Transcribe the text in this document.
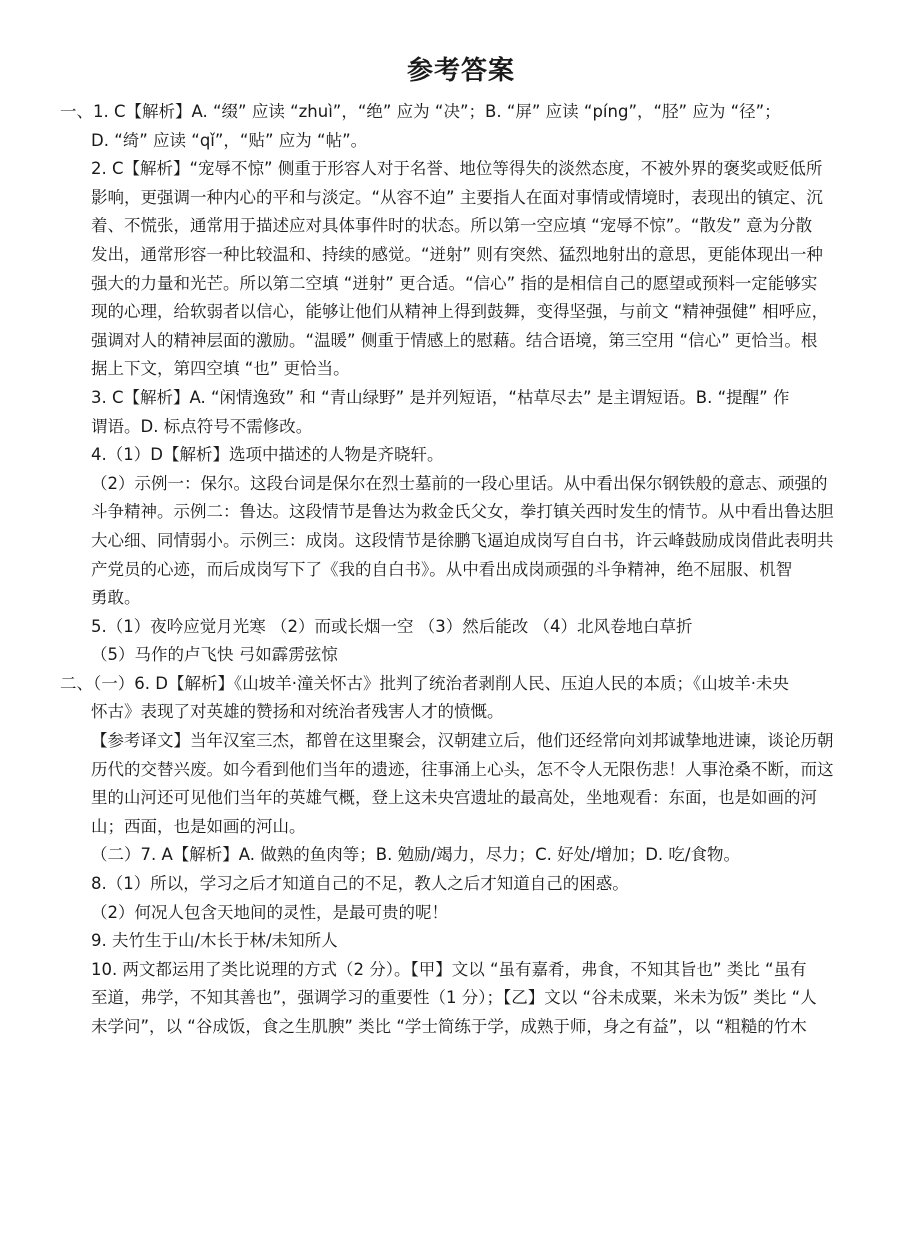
参考答案
一、1. C【解析】A. “缀” 应读 “zhuì”，“绝” 应为 “决”；B. “屏” 应读 “píng”，“胫” 应为 “径”；
D. “绮” 应读 “qǐ”，“贴” 应为 “帖”。
2. C【解析】“宠辱不惊” 侧重于形容人对于名誉、地位等得失的淡然态度，不被外界的褒奖或贬低所
影响，更强调一种内心的平和与淡定。“从容不迫” 主要指人在面对事情或情境时，表现出的镇定、沉
着、不慌张，通常用于描述应对具体事件时的状态。所以第一空应填 “宠辱不惊”。“散发” 意为分散
发出，通常形容一种比较温和、持续的感觉。“迸射” 则有突然、猛烈地射出的意思，更能体现出一种
强大的力量和光芒。所以第二空填 “迸射” 更合适。“信心” 指的是相信自己的愿望或预料一定能够实
现的心理，给软弱者以信心，能够让他们从精神上得到鼓舞，变得坚强，与前文 “精神强健” 相呼应，
强调对人的精神层面的激励。“温暖” 侧重于情感上的慰藉。结合语境，第三空用 “信心” 更恰当。根
据上下文，第四空填 “也” 更恰当。
3. C【解析】A. “闲情逸致” 和 “青山绿野” 是并列短语，“枯草尽去” 是主谓短语。B. “提醒” 作
谓语。D. 标点符号不需修改。
4.（1）D【解析】选项中描述的人物是齐晓轩。
（2）示例一：保尔。这段台词是保尔在烈士墓前的一段心里话。从中看出保尔钢铁般的意志、顽强的
斗争精神。示例二：鲁达。这段情节是鲁达为救金氏父女，拳打镇关西时发生的情节。从中看出鲁达胆
大心细、同情弱小。示例三：成岗。这段情节是徐鹏飞逼迫成岗写自白书，许云峰鼓励成岗借此表明共
产党员的心迹，而后成岗写下了《我的自白书》。从中看出成岗顽强的斗争精神，绝不屈服、机智
勇敢。
5.（1）夜吟应觉月光寒 （2）而或长烟一空 （3）然后能改 （4）北风卷地白草折
（5）马作的卢飞快 弓如霹雳弦惊
二、（一）6. D【解析】《山坡羊·潼关怀古》批判了统治者剥削人民、压迫人民的本质；《山坡羊·未央
怀古》表现了对英雄的赞扬和对统治者残害人才的愤慨。
【参考译文】当年汉室三杰，都曾在这里聚会，汉朝建立后，他们还经常向刘邦诚挚地进谏，谈论历朝
历代的交替兴废。如今看到他们当年的遗迹，往事涌上心头，怎不令人无限伤悲！人事沧桑不断，而这
里的山河还可见他们当年的英雄气概，登上这未央宫遗址的最高处，坐地观看：东面，也是如画的河
山；西面，也是如画的河山。
（二）7. A【解析】A. 做熟的鱼肉等；B. 勉励/竭力，尽力；C. 好处/增加；D. 吃/食物。
8.（1）所以，学习之后才知道自己的不足，教人之后才知道自己的困惑。
（2）何况人包含天地间的灵性，是最可贵的呢！
9. 夫竹生于山/木长于林/未知所人
10. 两文都运用了类比说理的方式（2 分）。【甲】文以 “虽有嘉肴，弗食，不知其旨也” 类比 “虽有
至道，弗学，不知其善也”，强调学习的重要性（1 分）；【乙】文以 “谷未成粟，米未为饭” 类比 “人
未学问”，以 “谷成饭，食之生肌腴” 类比 “学士简练于学，成熟于师，身之有益”，以 “粗糙的竹木
